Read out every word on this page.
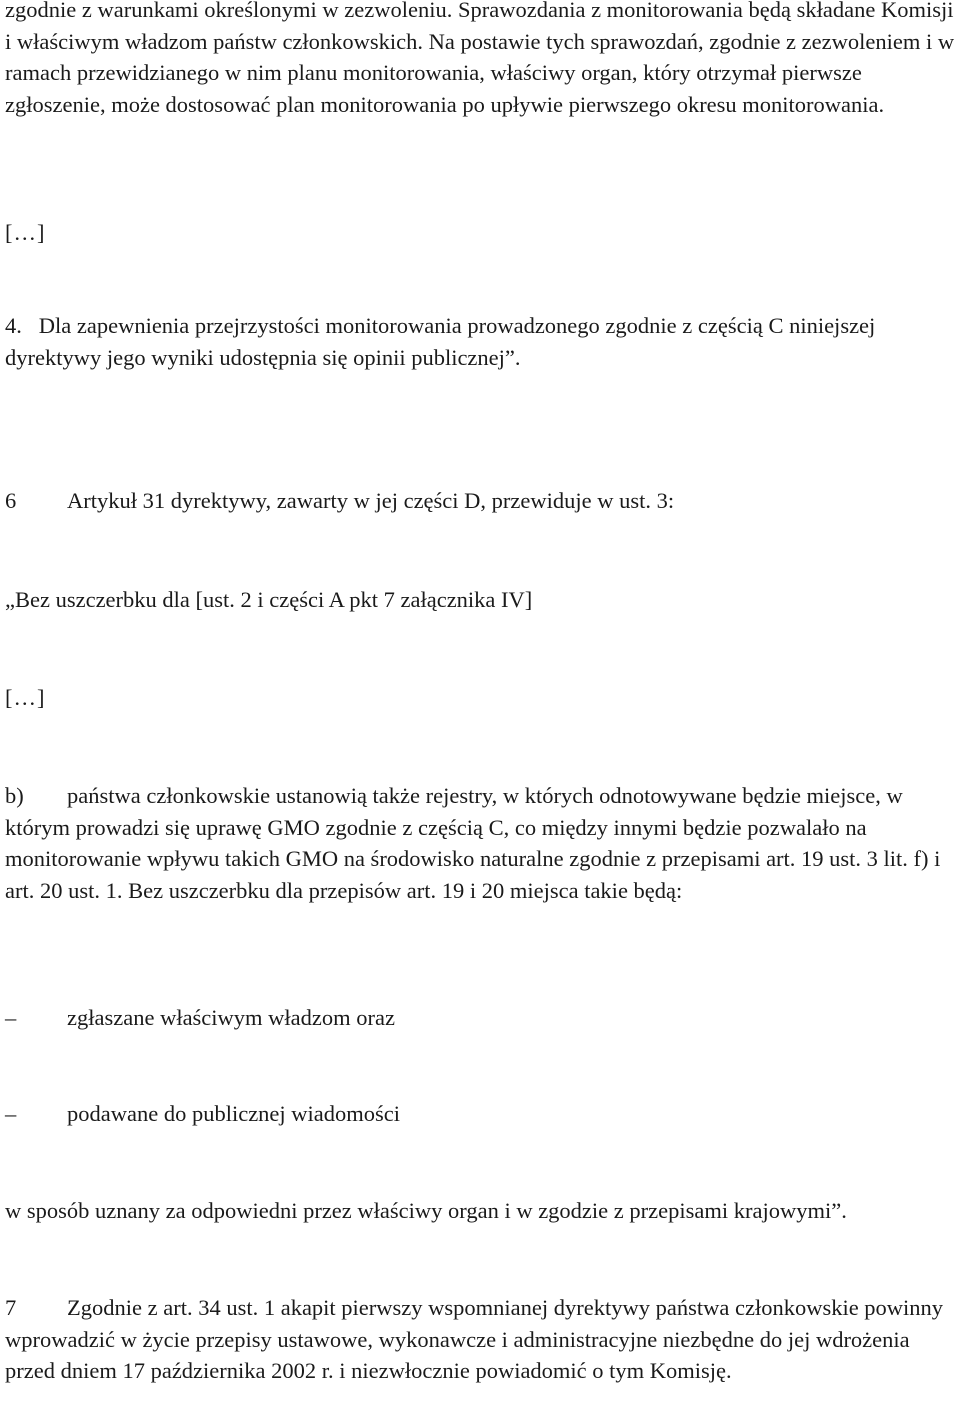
zgodnie z warunkami określonymi w zezwoleniu. Sprawozdania z monitorowania będą składane Komisji i właściwym władzom państw członkowskich. Na postawie tych sprawozdań, zgodnie z zezwoleniem i w ramach przewidzianego w nim planu monitorowania, właściwy organ, który otrzymał pierwsze zgłoszenie, może dostosować plan monitorowania po upływie pierwszego okresu monitorowania.

[…]

4. Dla zapewnienia przejrzystości monitorowania prowadzonego zgodnie z częścią C niniejszej dyrektywy jego wyniki udostępnia się opinii publicznej”.

6 Artykuł 31 dyrektywy, zawarty w jej części D, przewiduje w ust. 3:

„Bez uszczerbku dla [ust. 2 i części A pkt 7 załącznika IV]

[…]

b) państwa członkowskie ustanowią także rejestry, w których odnotowywane będzie miejsce, w którym prowadzi się uprawę GMO zgodnie z częścią C, co między innymi będzie pozwalało na monitorowanie wpływu takich GMO na środowisko naturalne zgodnie z przepisami art. 19 ust. 3 lit. f) i art. 20 ust. 1. Bez uszczerbku dla przepisów art. 19 i 20 miejsca takie będą:

– zgłaszane właściwym władzom oraz
– podawane do publicznej wiadomości

w sposób uznany za odpowiedni przez właściwy organ i w zgodzie z przepisami krajowymi”.

7 Zgodnie z art. 34 ust. 1 akapit pierwszy wspomnianej dyrektywy państwa członkowskie powinny wprowadzić w życie przepisy ustawowe, wykonawcze i administracyjne niezbędne do jej wdrożenia przed dniem 17 października 2002 r. i niezwłocznie powiadomić o tym Komisję.
